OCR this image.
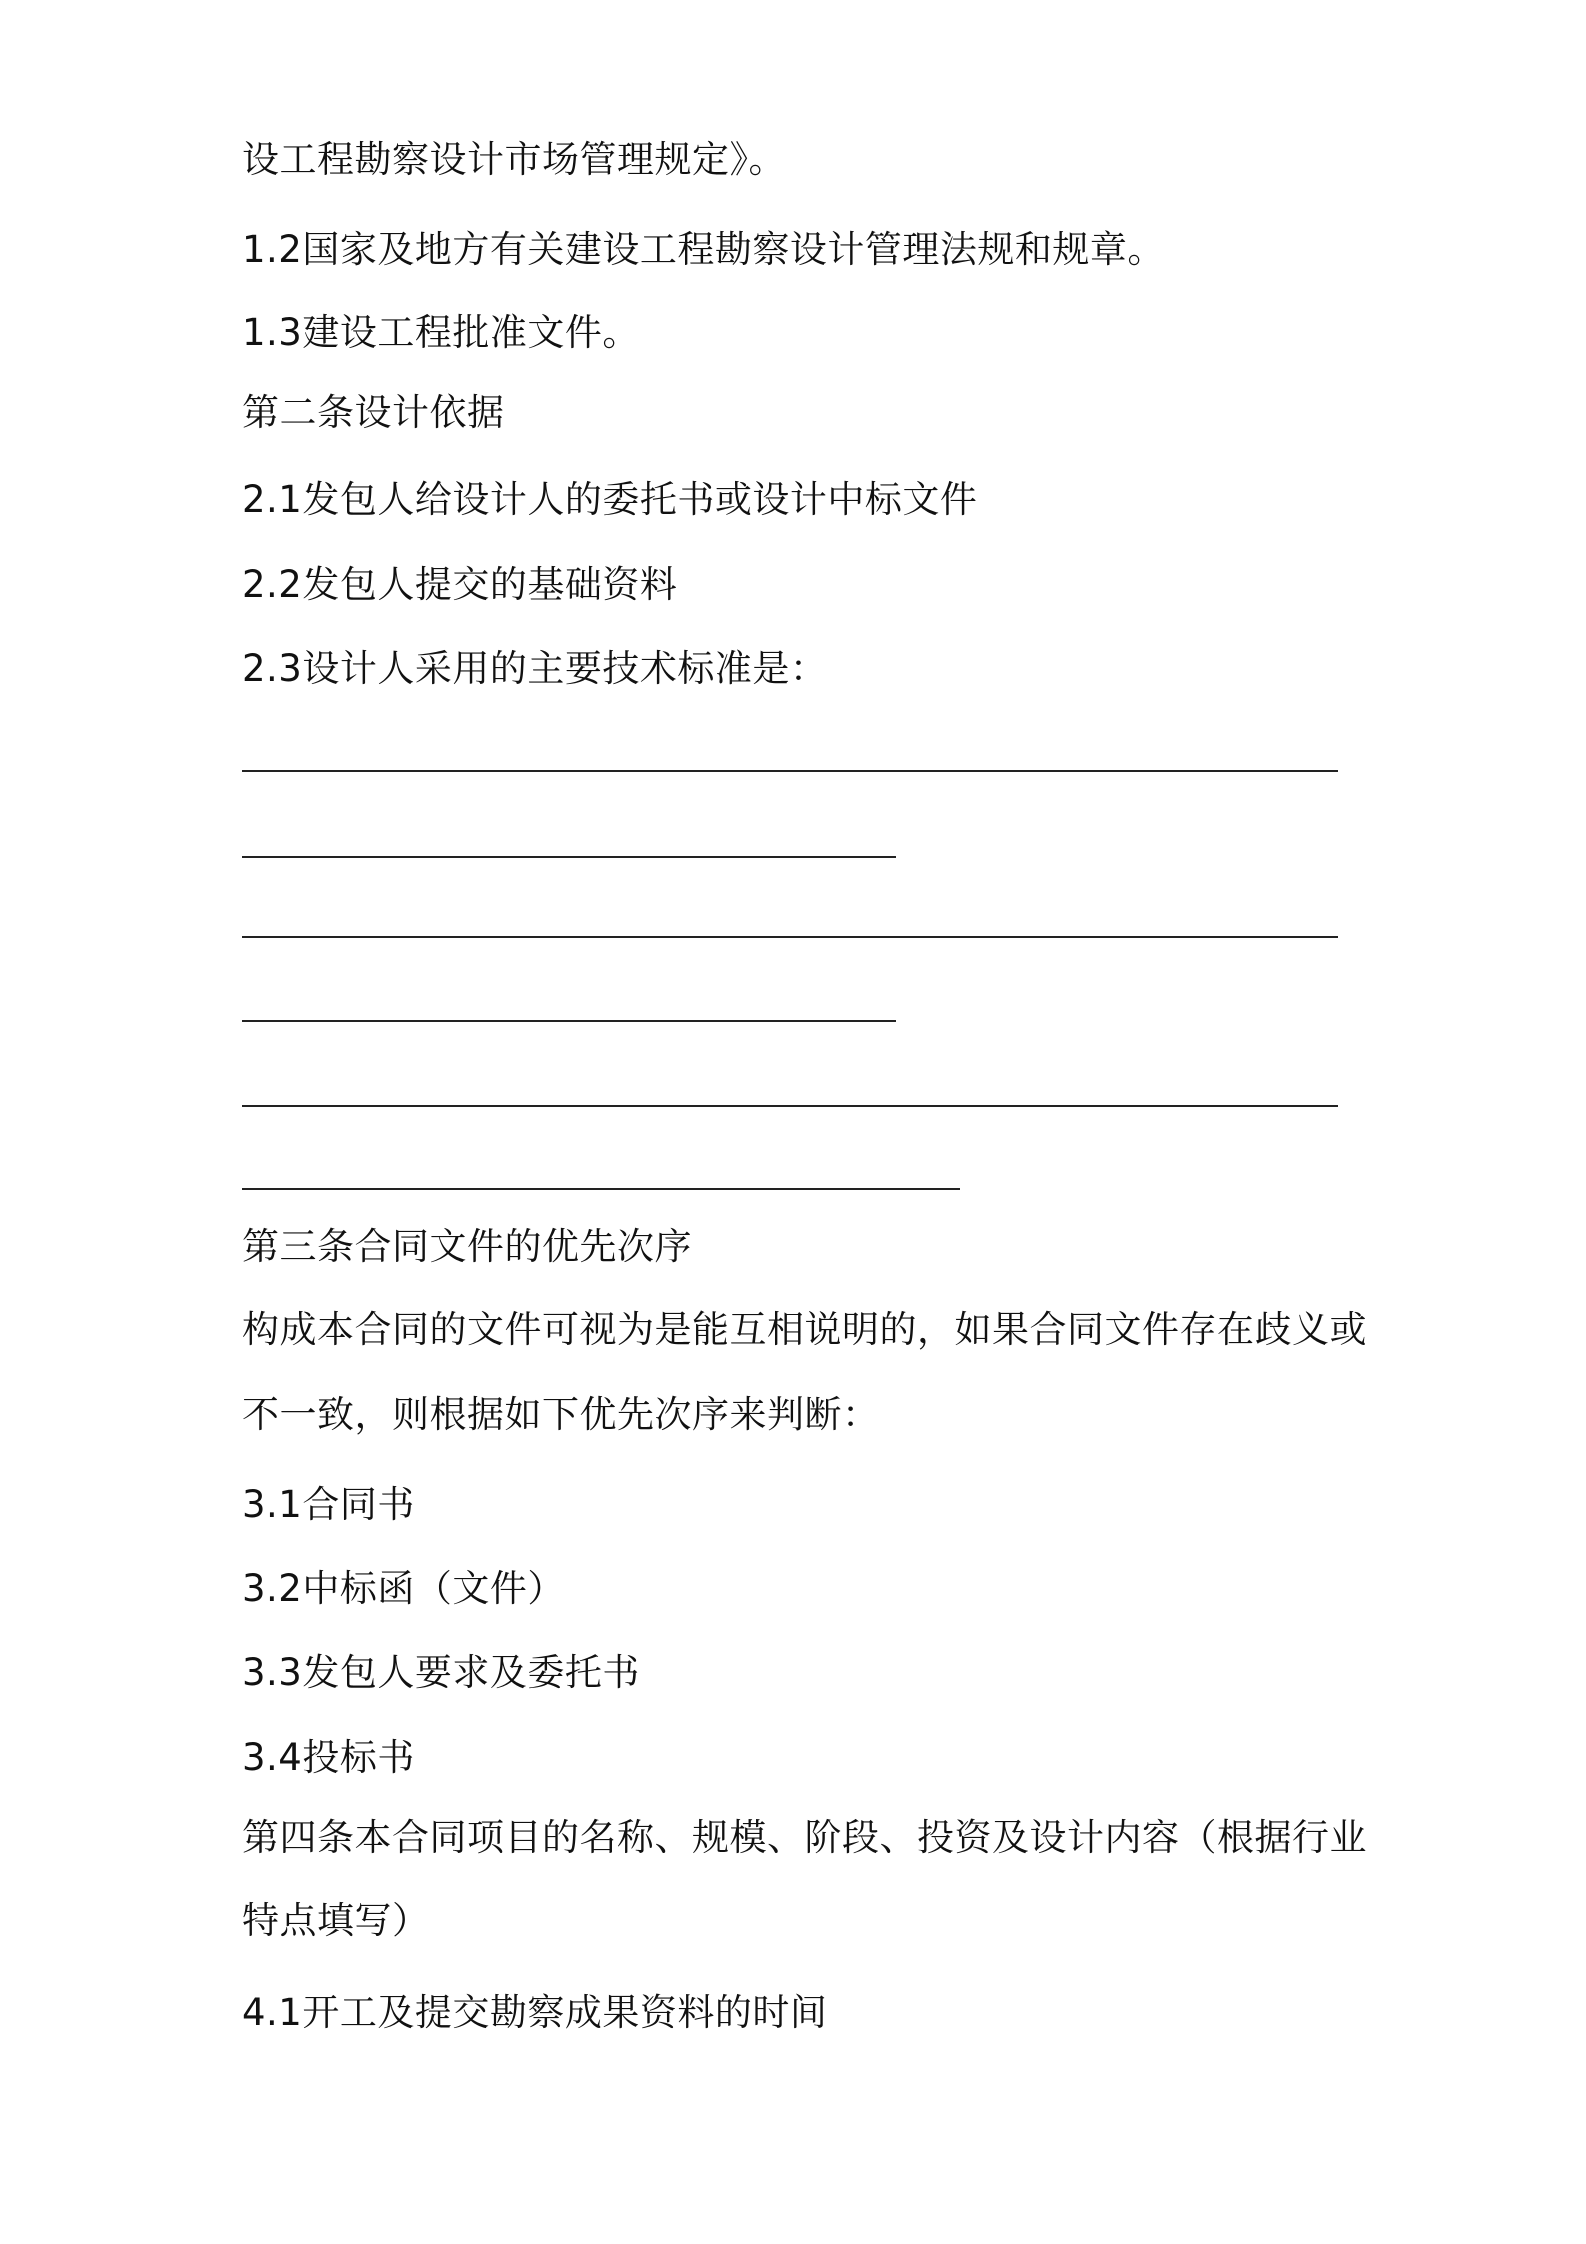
设工程勘察设计市场管理规定》。
1.2国家及地方有关建设工程勘察设计管理法规和规章。
1.3建设工程批准文件。
第二条设计依据
2.1发包人给设计人的委托书或设计中标文件
2.2发包人提交的基础资料
2.3设计人采用的主要技术标准是：
第三条合同文件的优先次序
构成本合同的文件可视为是能互相说明的，如果合同文件存在歧义或
不一致，则根据如下优先次序来判断：
3.1合同书
3.2中标函（文件）
3.3发包人要求及委托书
3.4投标书
第四条本合同项目的名称、规模、阶段、投资及设计内容（根据行业
特点填写）
4.1开工及提交勘察成果资料的时间
